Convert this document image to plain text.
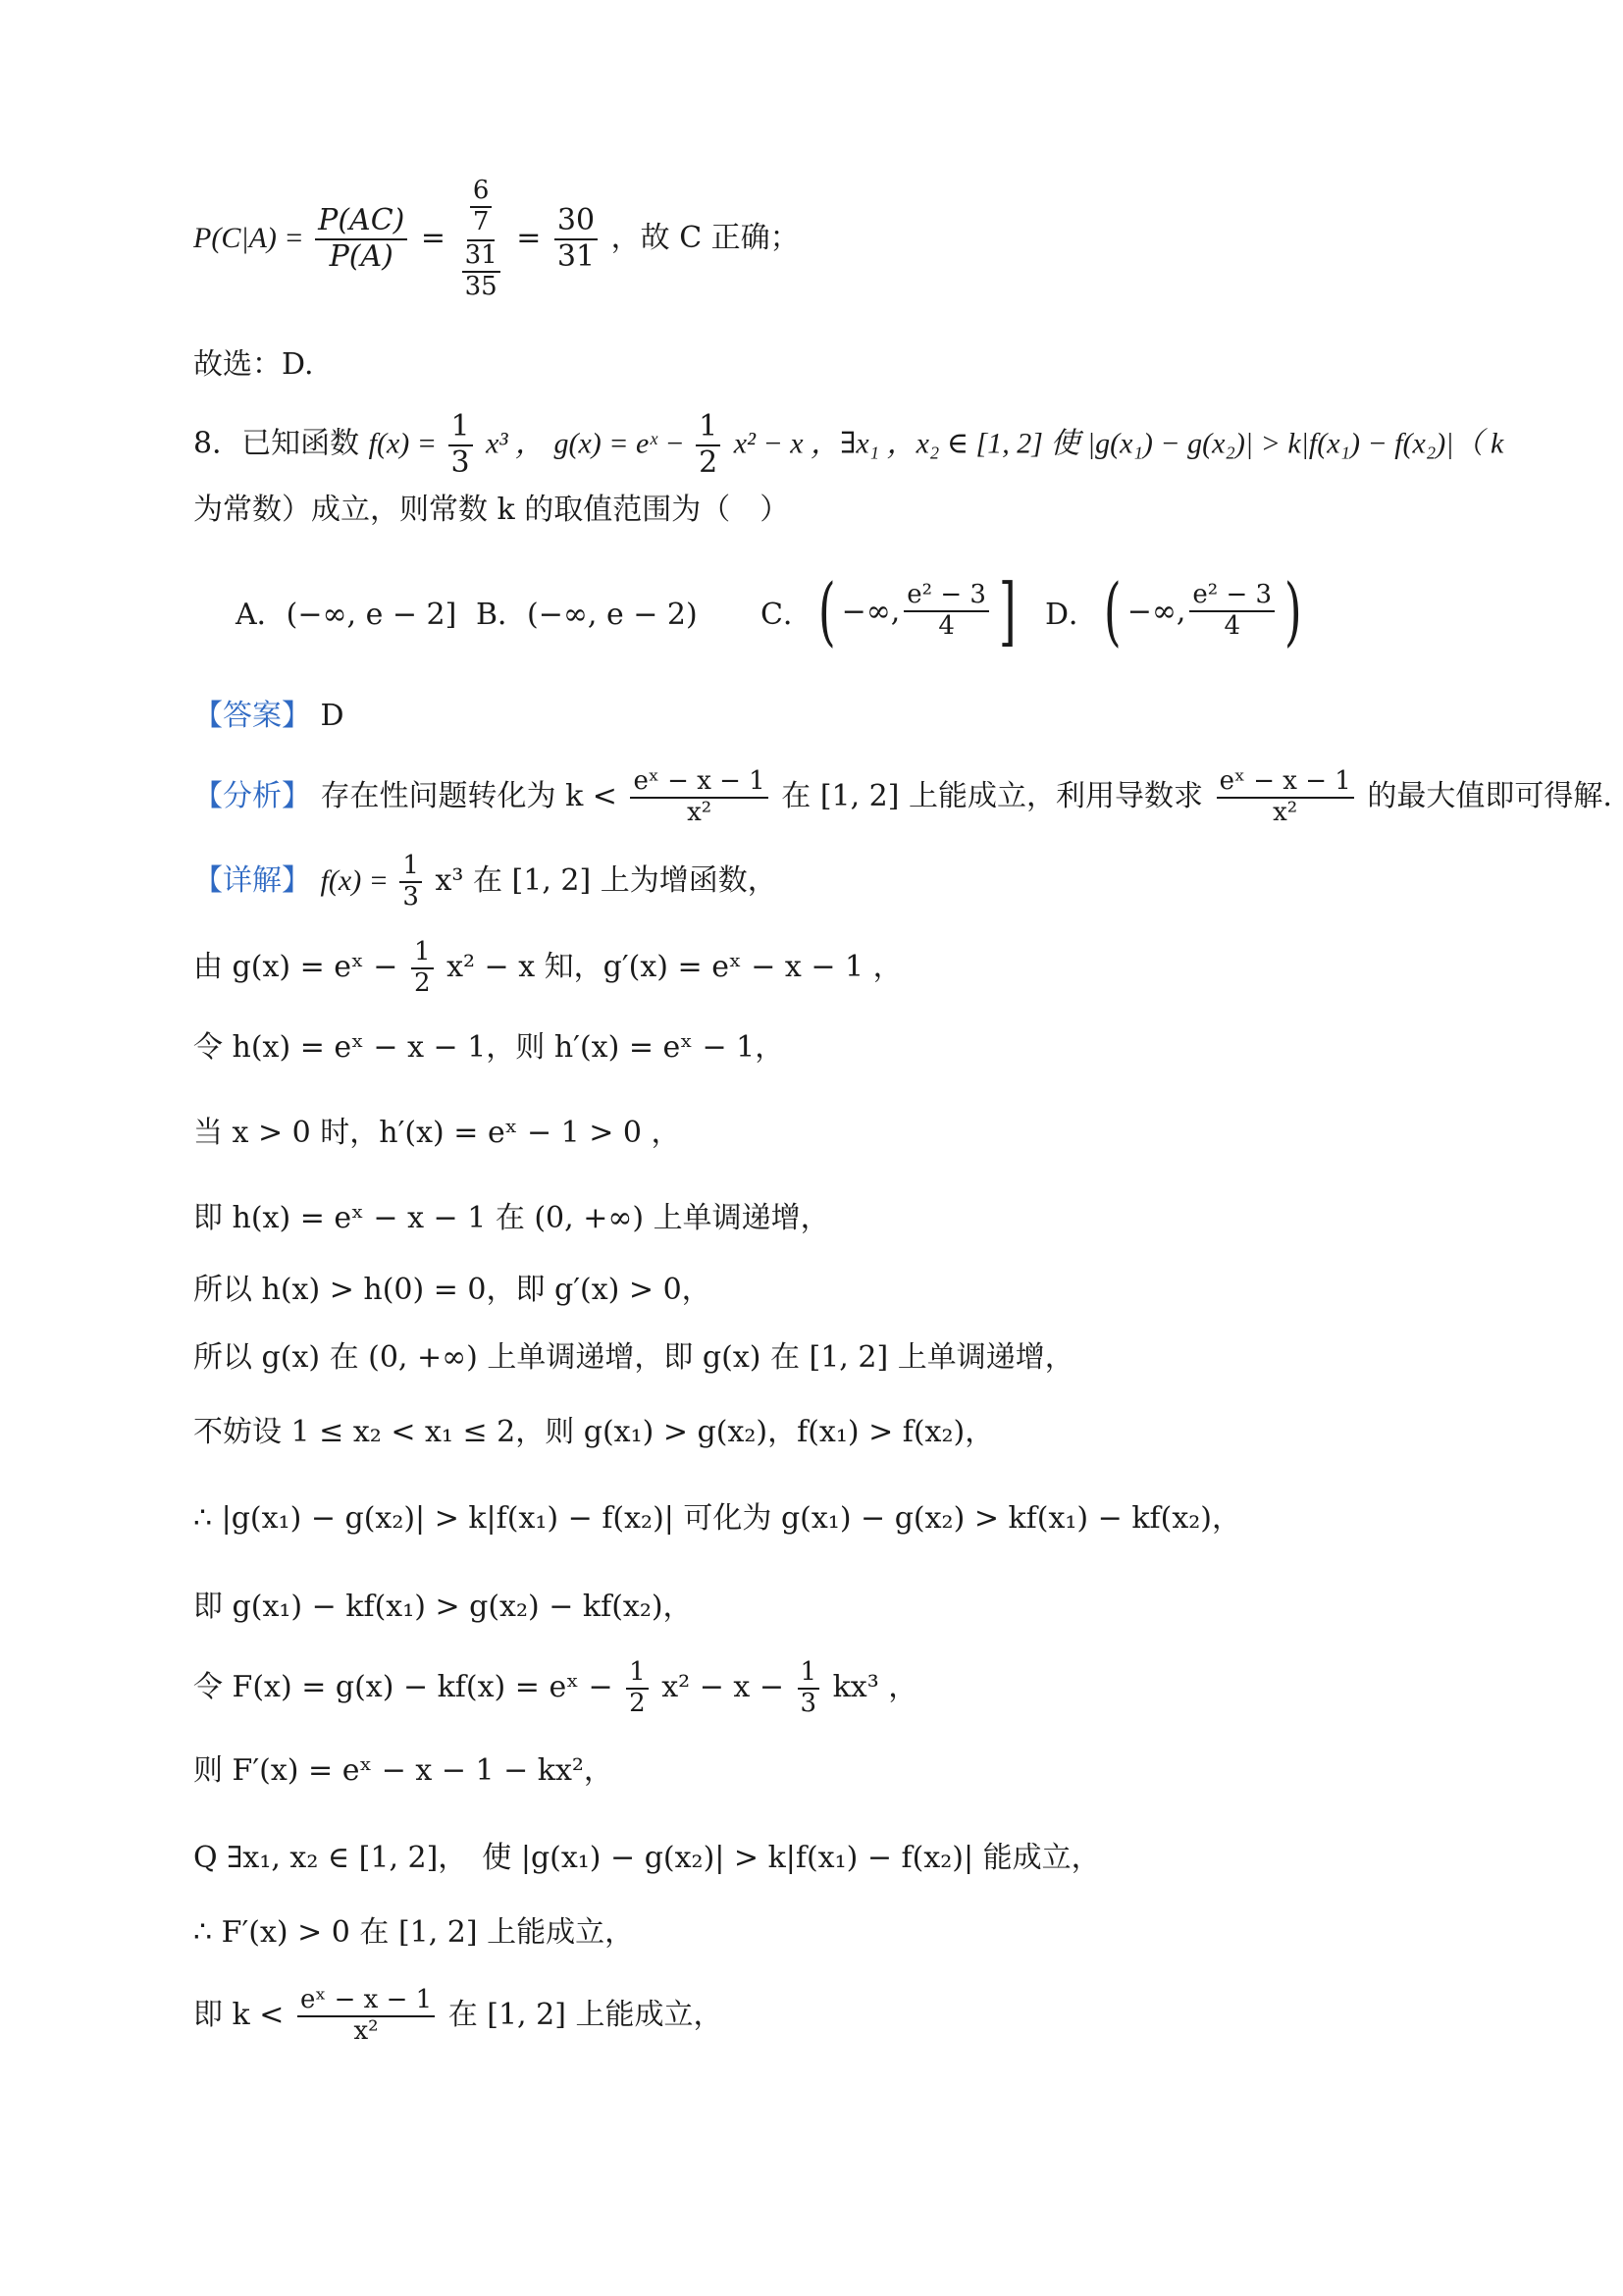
$P(C|A) = \frac{P(AC)}{P(A)} = \frac{\frac{6}{7}}{\frac{31}{35}} = \frac{30}{31}$ ，故 C 正确；
故选：D.
8．已知函数 $f(x) = \frac{1}{3} x^3$ ， g(x) = eˣ − $\frac{1}{2} x^2 - x$ ，∃x₁ ，x₂ ∈ [1, 2] 使 |g(x₁) − g(x₂)| > k|f(x₁) − f(x₂)|（ k
为常数）成立，则常数 k 的取值范围为（　）
A．(−∞, e − 2] B．(−∞, e − 2) C． ( −∞, $\frac{\text{e² − 3}}{4}$ ] D． ( −∞, $\frac{\text{e² − 3}}{4}$ )
【答案】 D
【分析】 存在性问题转化为 $k < \frac{\text{eˣ − x − 1}}{\text{x²}}$ 在 [1, 2] 上能成立，利用导数求 $\frac{\text{eˣ − x − 1}}{\text{x²}}$ 的最大值即可得解.
【详解】 $f(x) = \frac{1}{3} x^3$ 在 [1, 2] 上为增函数，
由 g(x) = eˣ − $\frac{1}{2} x^2 - x$ 知，g′(x) = eˣ − x − 1 ，
令 h(x) = eˣ − x − 1，则 h′(x) = eˣ − 1，
当 x > 0 时，h′(x) = eˣ − 1 > 0 ，
即 h(x) = eˣ − x − 1 在 (0, +∞) 上单调递增，
所以 h(x) > h(0) = 0，即 g′(x) > 0，
所以 g(x) 在 (0, +∞) 上单调递增，即 g(x) 在 [1, 2] 上单调递增，
不妨设 1 ≤ x₂ < x₁ ≤ 2，则 g(x₁) > g(x₂)，f(x₁) > f(x₂)，
∴ |g(x₁) − g(x₂)| > k|f(x₁) − f(x₂)| 可化为 g(x₁) − g(x₂) > kf(x₁) − kf(x₂)，
即 g(x₁) − kf(x₁) > g(x₂) − kf(x₂)，
令 F(x) = g(x) − kf(x) = eˣ − $\frac{1}{2} x^2 - x - \frac{1}{3} kx^3$ ，
则 F′(x) = eˣ − x − 1 − kx²，
Q ∃x₁, x₂ ∈ [1, 2]，　使 |g(x₁) − g(x₂)| > k|f(x₁) − f(x₂)| 能成立，
∴ F′(x) > 0 在 [1, 2] 上能成立，
即 $k < \frac{\text{eˣ − x − 1}}{\text{x²}}$ 在 [1, 2] 上能成立，
